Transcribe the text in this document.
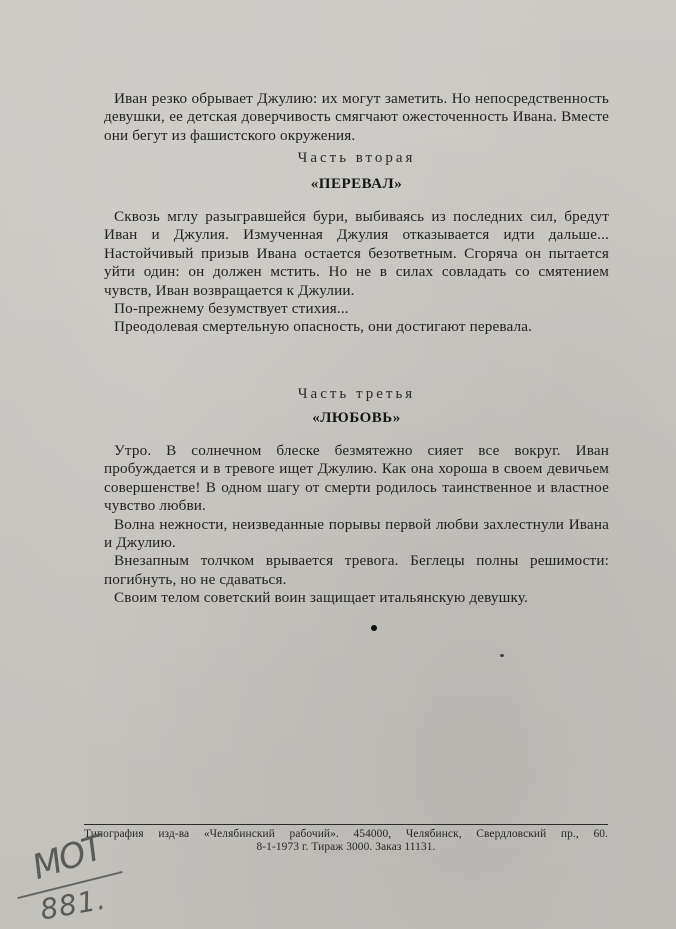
Иван резко обрывает Джулию: их могут заметить. Но непосредственность девушки, ее детская доверчивость смягчают ожесточенность Ивана. Вместе они бегут из фашистского окружения.

Часть вторая

«ПЕРЕВАЛ»

Сквозь мглу разыгравшейся бури, выбиваясь из последних сил, бредут Иван и Джулия. Измученная Джулия отказывается идти дальше... Настойчивый призыв Ивана остается безответным. Сгоряча он пытается уйти один: он должен мстить. Но не в силах совладать со смятением чувств, Иван возвращается к Джулии.

По-прежнему безумствует стихия...

Преодолевая смертельную опасность, они достигают перевала.

Часть третья

«ЛЮБОВЬ»

Утро. В солнечном блеске безмятежно сияет все вокруг. Иван пробуждается и в тревоге ищет Джулию. Как она хороша в своем девичьем совершенстве! В одном шагу от смерти родилось таинственное и властное чувство любви.

Волна нежности, неизведанные порывы первой любви захлестнули Ивана и Джулию.

Внезапным толчком врывается тревога. Беглецы полны решимости: погибнуть, но не сдаваться.

Своим телом советский воин защищает итальянскую девушку.

Типография изд-ва «Челябинский рабочий». 454000, Челябинск, Свердловский пр., 60.
8-1-1973 г. Тираж 3000. Заказ 11131.
МОТ
881.
